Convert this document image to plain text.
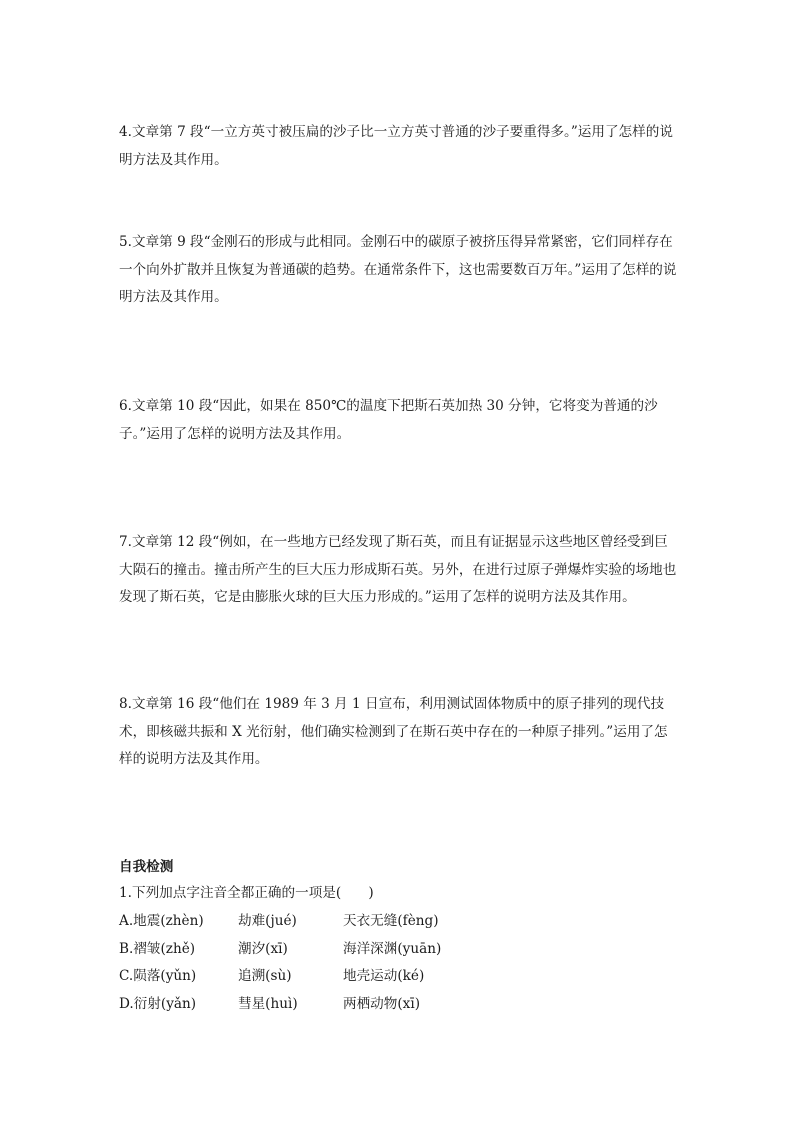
4.文章第 7 段“一立方英寸被压扁的沙子比一立方英寸普通的沙子要重得多。”运用了怎样的说明方法及其作用。

5.文章第 9 段“金刚石的形成与此相同。金刚石中的碳原子被挤压得异常紧密，它们同样存在一个向外扩散并且恢复为普通碳的趋势。在通常条件下，这也需要数百万年。”运用了怎样的说明方法及其作用。

6.文章第 10 段“因此，如果在 850℃的温度下把斯石英加热 30 分钟，它将变为普通的沙子。”运用了怎样的说明方法及其作用。

7.文章第 12 段“例如，在一些地方已经发现了斯石英，而且有证据显示这些地区曾经受到巨大陨石的撞击。撞击所产生的巨大压力形成斯石英。另外，在进行过原子弹爆炸实验的场地也发现了斯石英，它是由膨胀火球的巨大压力形成的。”运用了怎样的说明方法及其作用。

8.文章第 16 段“他们在 1989 年 3 月 1 日宣布，利用测试固体物质中的原子排列的现代技术，即核磁共振和 X 光衍射，他们确实检测到了在斯石英中存在的一种原子排列。”运用了怎样的说明方法及其作用。

自我检测

1.下列加点字注音全都正确的一项是(　　)

A.地震(zhèn)	劫难(jué)	天衣无缝(fèng)
B.褶皱(zhě)	潮汐(xī)	海洋深渊(yuān)
C.陨落(yǔn)	追溯(sù)	地壳运动(ké)
D.衍射(yǎn)	彗星(huì)	两栖动物(xī)
